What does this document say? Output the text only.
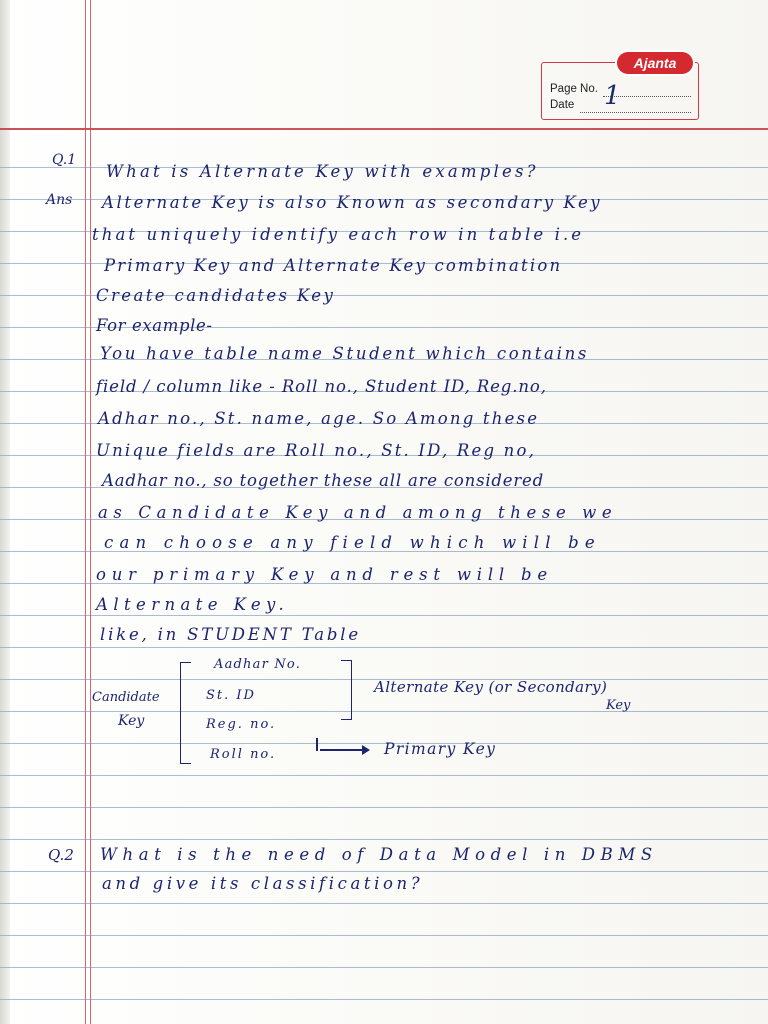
Ajanta
Page No.
Date 1
Q.1
What is Alternate Key with examples?
Ans Alternate Key is also Known as secondary Key
that uniquely identify each row in table i.e
Primary Key and Alternate Key combination
Create candidates Key
For example-
You have table name Student which contains
field / column like - Roll no., Student ID, Reg.no,
Adhar no., St. name, age. So Among these
Unique fields are Roll no., St. ID, Reg no,
Aadhar no., so together these all are considered
as Candidate Key and among these we
can choose any field which will be
our primary Key and rest will be
Alternate Key.
like, in STUDENT Table
Candidate
Key
Aadhar No.
St. ID
Reg. no.
Roll no.
Alternate Key (or Secondary)
Key
Primary Key
Q.2 What is the need of Data Model in DBMS
and give its classification?
